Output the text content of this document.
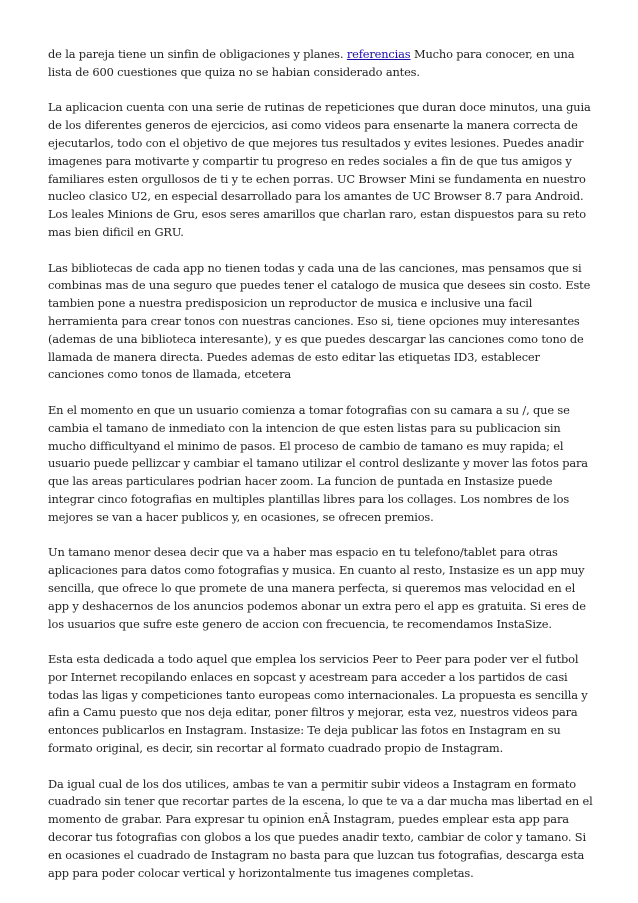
de la pareja tiene un sinfin de obligaciones y planes. referencias Mucho para conocer, en una lista de 600 cuestiones que quiza no se habian considerado antes.

La aplicacion cuenta con una serie de rutinas de repeticiones que duran doce minutos, una guia de los diferentes generos de ejercicios, asi como videos para ensenarte la manera correcta de ejecutarlos, todo con el objetivo de que mejores tus resultados y evites lesiones. Puedes anadir imagenes para motivarte y compartir tu progreso en redes sociales a fin de que tus amigos y familiares esten orgullosos de ti y te echen porras. UC Browser Mini se fundamenta en nuestro nucleo clasico U2, en especial desarrollado para los amantes de UC Browser 8.7 para Android. Los leales Minions de Gru, esos seres amarillos que charlan raro, estan dispuestos para su reto mas bien dificil en GRU.

Las bibliotecas de cada app no tienen todas y cada una de las canciones, mas pensamos que si combinas mas de una seguro que puedes tener el catalogo de musica que desees sin costo. Este tambien pone a nuestra predisposicion un reproductor de musica e inclusive una facil herramienta para crear tonos con nuestras canciones. Eso si, tiene opciones muy interesantes (ademas de una biblioteca interesante), y es que puedes descargar las canciones como tono de llamada de manera directa. Puedes ademas de esto editar las etiquetas ID3, establecer canciones como tonos de llamada, etcetera

En el momento en que un usuario comienza a tomar fotografias con su camara a su /, que se cambia el tamano de inmediato con la intencion de que esten listas para su publicacion sin mucho difficultyand el minimo de pasos. El proceso de cambio de tamano es muy rapida; el usuario puede pellizcar y cambiar el tamano utilizar el control deslizante y mover las fotos para que las areas particulares podrian hacer zoom. La funcion de puntada en Instasize puede integrar cinco fotografias en multiples plantillas libres para los collages. Los nombres de los mejores se van a hacer publicos y, en ocasiones, se ofrecen premios.

Un tamano menor desea decir que va a haber mas espacio en tu telefono/tablet para otras aplicaciones para datos como fotografias y musica. En cuanto al resto, Instasize es un app muy sencilla, que ofrece lo que promete de una manera perfecta, si queremos mas velocidad en el app y deshacernos de los anuncios podemos abonar un extra pero el app es gratuita. Si eres de los usuarios que sufre este genero de accion con frecuencia, te recomendamos InstaSize.

Esta esta dedicada a todo aquel que emplea los servicios Peer to Peer para poder ver el futbol por Internet recopilando enlaces en sopcast y acestream para acceder a los partidos de casi todas las ligas y competiciones tanto europeas como internacionales. La propuesta es sencilla y afin a Camu puesto que nos deja editar, poner filtros y mejorar, esta vez, nuestros videos para entonces publicarlos en Instagram. Instasize: Te deja publicar las fotos en Instagram en su formato original, es decir, sin recortar al formato cuadrado propio de Instagram.

Da igual cual de los dos utilices, ambas te van a permitir subir videos a Instagram en formato cuadrado sin tener que recortar partes de la escena, lo que te va a dar mucha mas libertad en el momento de grabar. Para expresar tu opinion enÂ Instagram, puedes emplear esta app para decorar tus fotografias con globos a los que puedes anadir texto, cambiar de color y tamano. Si en ocasiones el cuadrado de Instagram no basta para que luzcan tus fotografias, descarga esta app para poder colocar vertical y horizontalmente tus imagenes completas.
